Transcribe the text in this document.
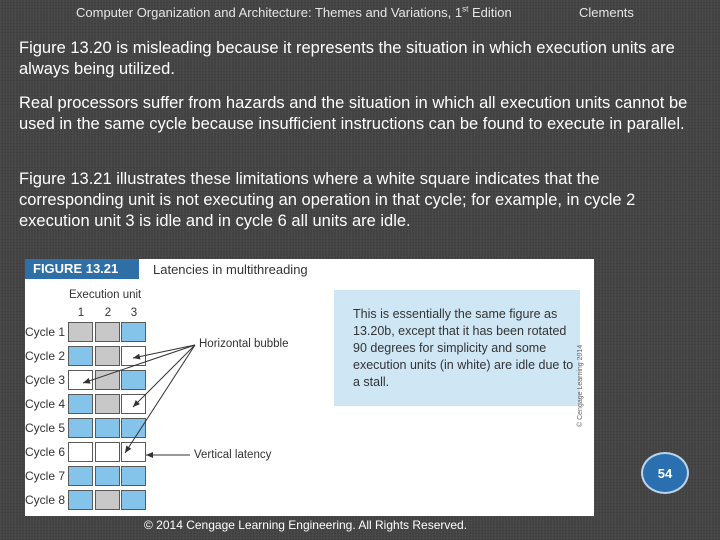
Computer Organization and Architecture: Themes and Variations, 1st Edition	Clements
Figure 13.20 is misleading because it represents the situation in which execution units are always being utilized.
Real processors suffer from hazards and the situation in which all execution units cannot be used in the same cycle because insufficient instructions can be found to execute in parallel.
Figure 13.21 illustrates these limitations where a white square indicates that the corresponding unit is not executing an operation in that cycle; for example, in cycle 2 execution unit 3 is idle and in cycle 6 all units are idle.
FIGURE 13.21	Latencies in multithreading
Execution unit
1	2	3
Cycle 1
Cycle 2
Cycle 3
Cycle 4
Cycle 5
Cycle 6
Cycle 7
Cycle 8
Horizontal bubble
Vertical latency
This is essentially the same figure as 13.20b, except that it has been rotated 90 degrees for simplicity and some execution units (in white) are idle due to a stall.	© Cengage Learning 2014
54
© 2014 Cengage Learning Engineering. All Rights Reserved.
